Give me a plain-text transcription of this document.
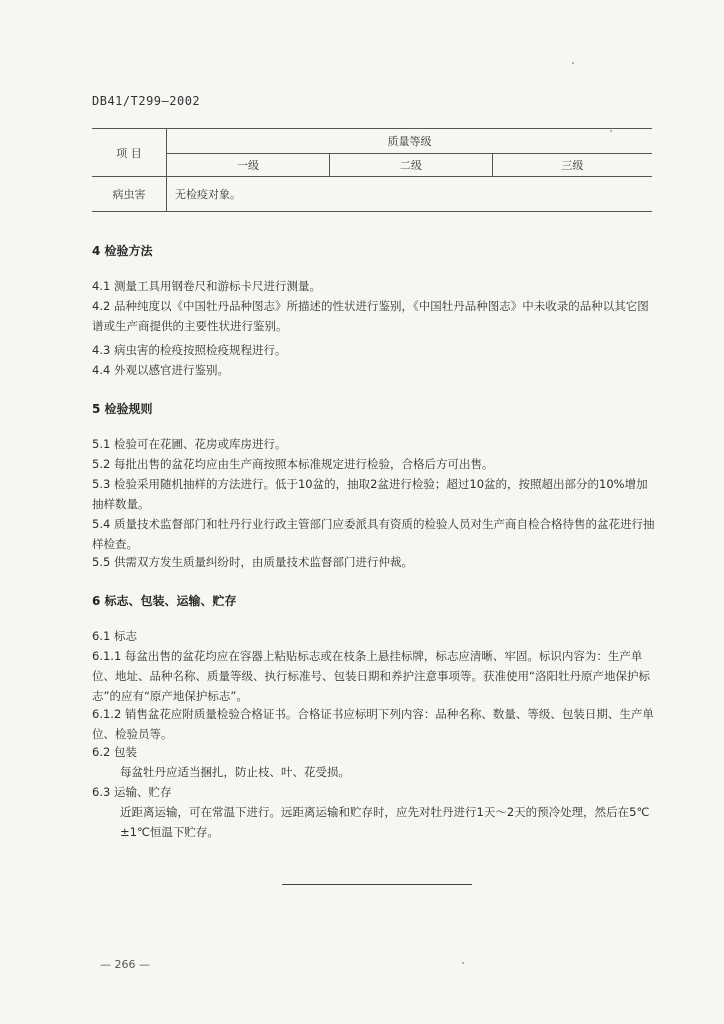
DB41/T299—2002
项 目	质量等级		
	一级	二级	三级
病虫害	无检疫对象。		
4 检验方法

4.1 测量工具用钢卷尺和游标卡尺进行测量。

4.2 品种纯度以《中国牡丹品种图志》所描述的性状进行鉴别，《中国牡丹品种图志》中未收录的品种以其它图谱或生产商提供的主要性状进行鉴别。

4.3 病虫害的检疫按照检疫规程进行。

4.4 外观以感官进行鉴别。

5 检验规则

5.1 检验可在花圃、花房或库房进行。

5.2 每批出售的盆花均应由生产商按照本标准规定进行检验，合格后方可出售。

5.3 检验采用随机抽样的方法进行。低于10盆的，抽取2盆进行检验；超过10盆的，按照超出部分的10%增加抽样数量。

5.4 质量技术监督部门和牡丹行业行政主管部门应委派具有资质的检验人员对生产商自检合格待售的盆花进行抽样检查。

5.5 供需双方发生质量纠纷时，由质量技术监督部门进行仲裁。

6 标志、包装、运输、贮存

6.1 标志

6.1.1 每盆出售的盆花均应在容器上粘贴标志或在枝条上悬挂标牌，标志应清晰、牢固。标识内容为：生产单位、地址、品种名称、质量等级、执行标准号、包装日期和养护注意事项等。获准使用“洛阳牡丹原产地保护标志”的应有“原产地保护标志”。

6.1.2 销售盆花应附质量检验合格证书。合格证书应标明下列内容：品种名称、数量、等级、包装日期、生产单位、检验员等。

6.2 包装

每盆牡丹应适当捆扎，防止枝、叶、花受损。

6.3 运输、贮存

近距离运输，可在常温下进行。远距离运输和贮存时，应先对牡丹进行1天～2天的预冷处理，然后在5℃±1℃恒温下贮存。

— 266 —
